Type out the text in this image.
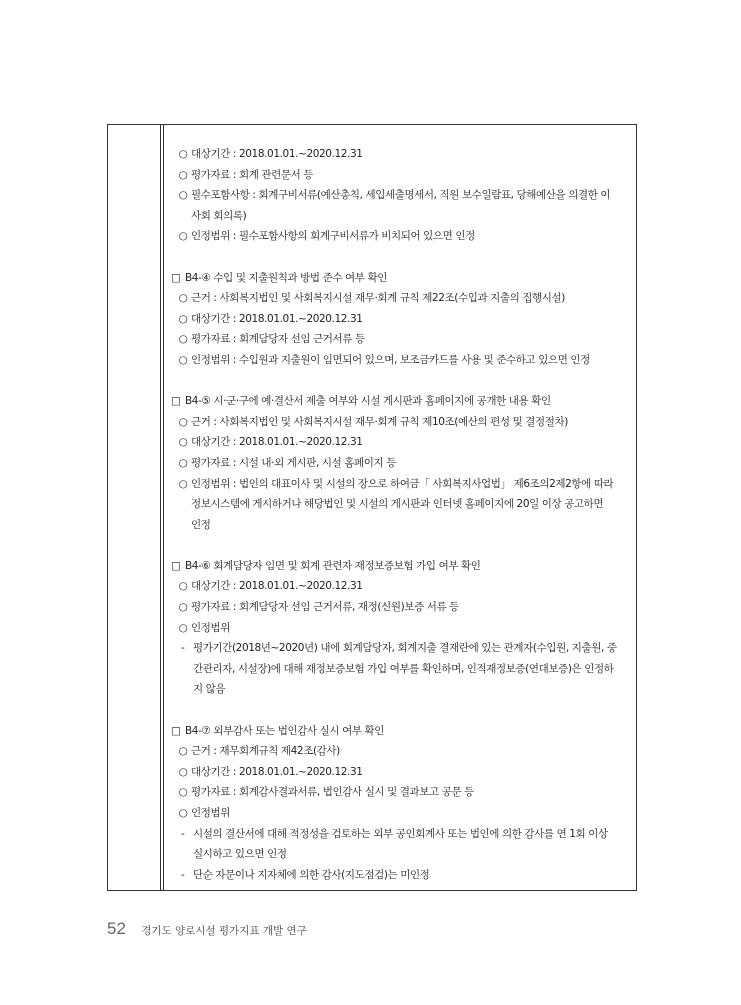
○ 대상기간 : 2018.01.01.~2020.12.31
○ 평가자료 : 회계 관련문서 등
○ 필수포함사항 : 회계구비서류(예산총칙, 세입세출명세서, 직원 보수일람표, 당해예산을 의결한 이
사회 회의록)
○ 인정범위 : 필수포함사항의 회계구비서류가 비치되어 있으면 인정
□ B4-④ 수입 및 지출원칙과 방법 준수 여부 확인
○ 근거 : 사회복지법인 및 사회복지시설 재무·회계 규칙 제22조(수입과 지출의 집행시설)
○ 대상기간 : 2018.01.01.~2020.12.31
○ 평가자료 : 회계담당자 선임 근거서류 등
○ 인정범위 : 수입원과 지출원이 임면되어 있으며, 보조금카드를 사용 및 준수하고 있으면 인정
□ B4-⑤ 시·군·구에 예·결산서 제출 여부와 시설 게시판과 홈페이지에 공개한 내용 확인
○ 근거 : 사회복지법인 및 사회복지시설 재무·회계 규칙 제10조(예산의 편성 및 결정절차)
○ 대상기간 : 2018.01.01.~2020.12.31
○ 평가자료 : 시설 내·외 게시판, 시설 홈페이지 등
○ 인정범위 : 법인의 대표이사 및 시설의 장으로 하여금「 사회복지사업법」 제6조의2제2항에 따라
정보시스템에 게시하거나 해당법인 및 시설의 게시판과 인터넷 홈페이지에 20일 이상 공고하면
인정
□ B4-⑥ 회계담당자 임면 및 회계 관련자 재정보증보험 가입 여부 확인
○ 대상기간 : 2018.01.01.~2020.12.31
○ 평가자료 : 회계담당자 선임 근거서류, 재정(신원)보증 서류 등
○ 인정범위
- 평가기간(2018년~2020년) 내에 회계담당자, 회계지출 결재란에 있는 관계자(수입원, 지출원, 중
간관리자, 시설장)에 대해 재정보증보험 가입 여부를 확인하며, 인적재정보증(연대보증)은 인정하
지 않음
□ B4-⑦ 외부감사 또는 법인감사 실시 여부 확인
○ 근거 : 재무회계규칙 제42조(감사)
○ 대상기간 : 2018.01.01.~2020.12.31
○ 평가자료 : 회계감사결과서류, 법인감사 실시 및 결과보고 공문 등
○ 인정범위
- 시설의 결산서에 대해 적정성을 검토하는 외부 공인회계사 또는 법인에 의한 감사를 연 1회 이상
실시하고 있으면 인정
- 단순 자문이나 지자체에 의한 감사(지도점검)는 미인정
52 경기도 양로시설 평가지표 개발 연구
